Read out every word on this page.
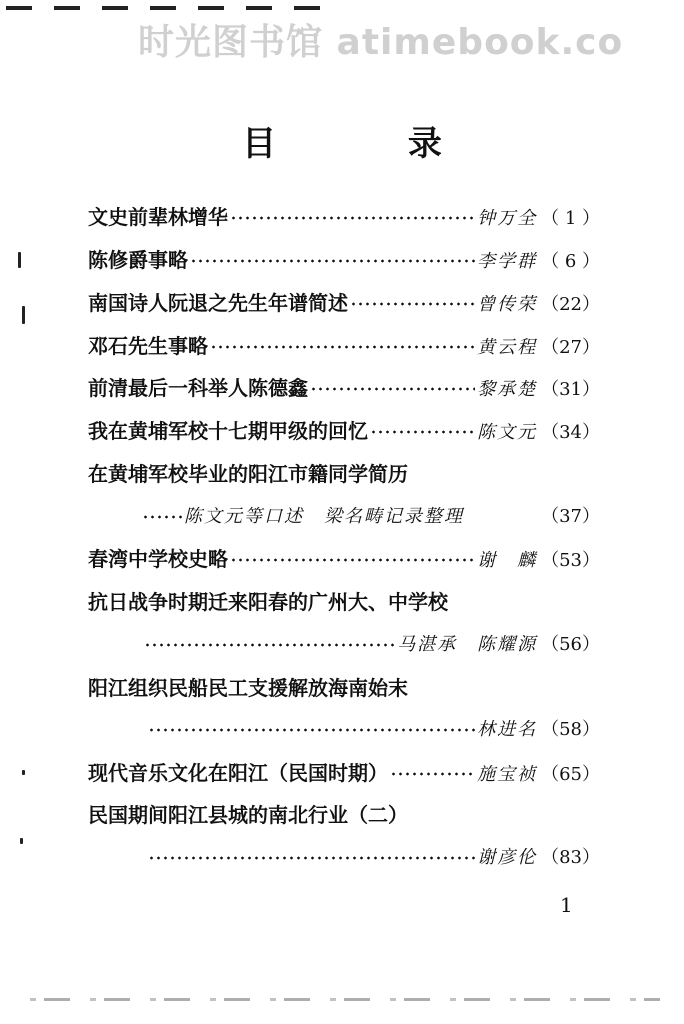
时光图书馆 atimebook.co
目 录
文史前辈林增华	钟万全 （ 1 ）
陈修爵事略	李学群 （ 6 ）
南国诗人阮退之先生年谱简述	曾传荣 （22）
邓石先生事略	黄云程 （27）
前清最后一科举人陈德鑫	黎承楚 （31）
我在黄埔军校十七期甲级的回忆	陈文元 （34）
在黄埔军校毕业的阳江市籍同学简历
陈文元等口述　梁名畴记录整理	（37）
春湾中学校史略	谢　麟 （53）
抗日战争时期迁来阳春的广州大、中学校
马湛承　陈耀源 （56）
阳江组织民船民工支援解放海南始末
林进名 （58）
现代音乐文化在阳江（民国时期）	施宝祯 （65）
民国期间阳江县城的南北行业（二）
谢彦伦 （83）
1
